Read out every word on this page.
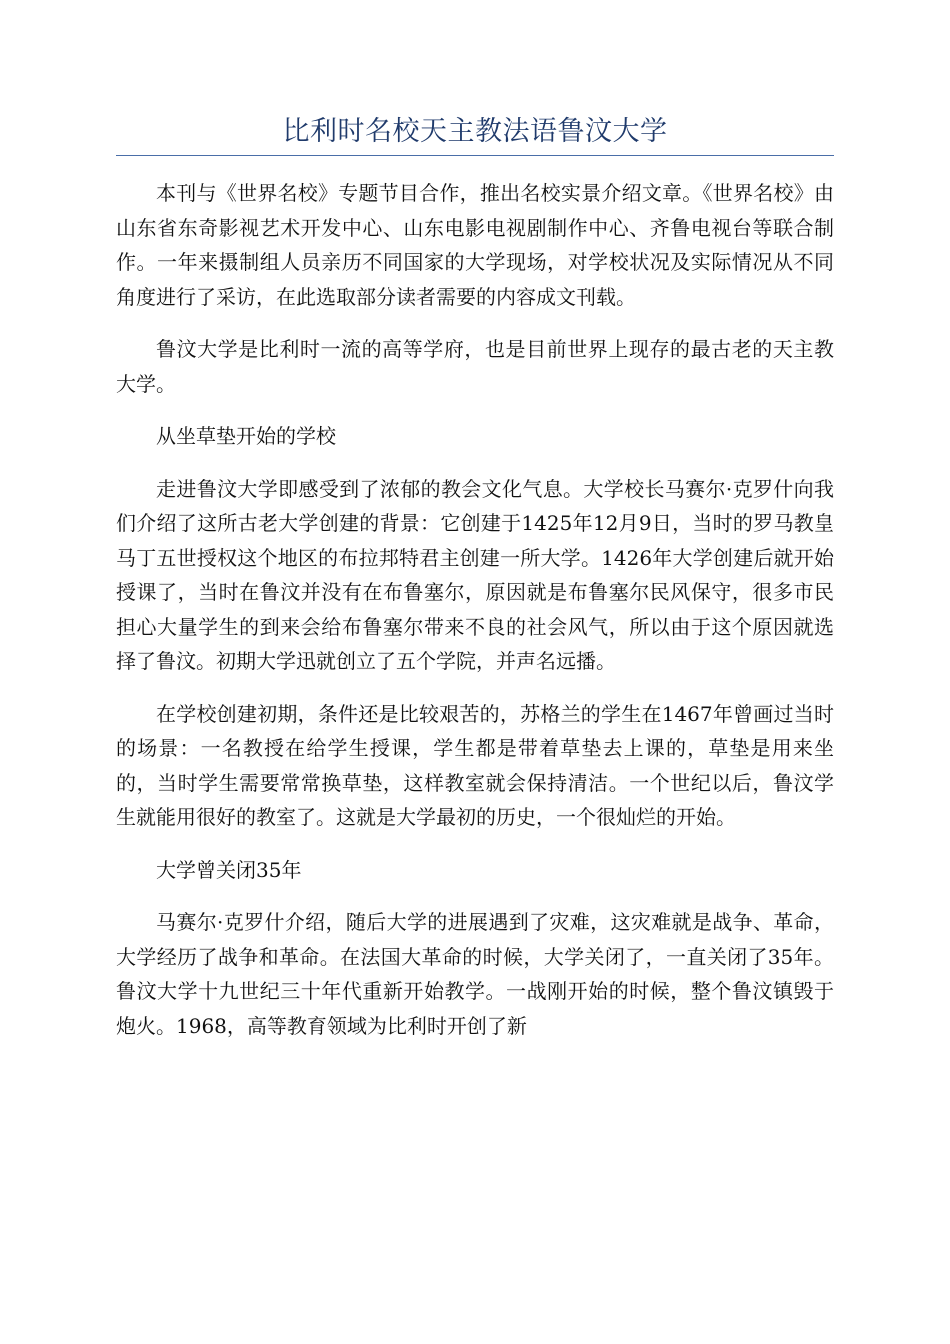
比利时名校天主教法语鲁汶大学

本刊与《世界名校》专题节目合作，推出名校实景介绍文章。《世界名校》由山东省东奇影视艺术开发中心、山东电影电视剧制作中心、齐鲁电视台等联合制作。一年来摄制组人员亲历不同国家的大学现场，对学校状况及实际情况从不同角度进行了采访，在此选取部分读者需要的内容成文刊载。

鲁汶大学是比利时一流的高等学府，也是目前世界上现存的最古老的天主教大学。

从坐草垫开始的学校

走进鲁汶大学即感受到了浓郁的教会文化气息。大学校长马赛尔·克罗什向我们介绍了这所古老大学创建的背景：它创建于1425年12月9日，当时的罗马教皇马丁五世授权这个地区的布拉邦特君主创建一所大学。1426年大学创建后就开始授课了，当时在鲁汶并没有在布鲁塞尔，原因就是布鲁塞尔民风保守，很多市民担心大量学生的到来会给布鲁塞尔带来不良的社会风气，所以由于这个原因就选择了鲁汶。初期大学迅就创立了五个学院，并声名远播。

在学校创建初期，条件还是比较艰苦的，苏格兰的学生在1467年曾画过当时的场景：一名教授在给学生授课，学生都是带着草垫去上课的，草垫是用来坐的，当时学生需要常常换草垫，这样教室就会保持清洁。一个世纪以后，鲁汶学生就能用很好的教室了。这就是大学最初的历史，一个很灿烂的开始。

大学曾关闭35年

马赛尔·克罗什介绍，随后大学的进展遇到了灾难，这灾难就是战争、革命，大学经历了战争和革命。在法国大革命的时候，大学关闭了，一直关闭了35年。鲁汶大学十九世纪三十年代重新开始教学。一战刚开始的时候，整个鲁汶镇毁于炮火。1968，高等教育领域为比利时开创了新
